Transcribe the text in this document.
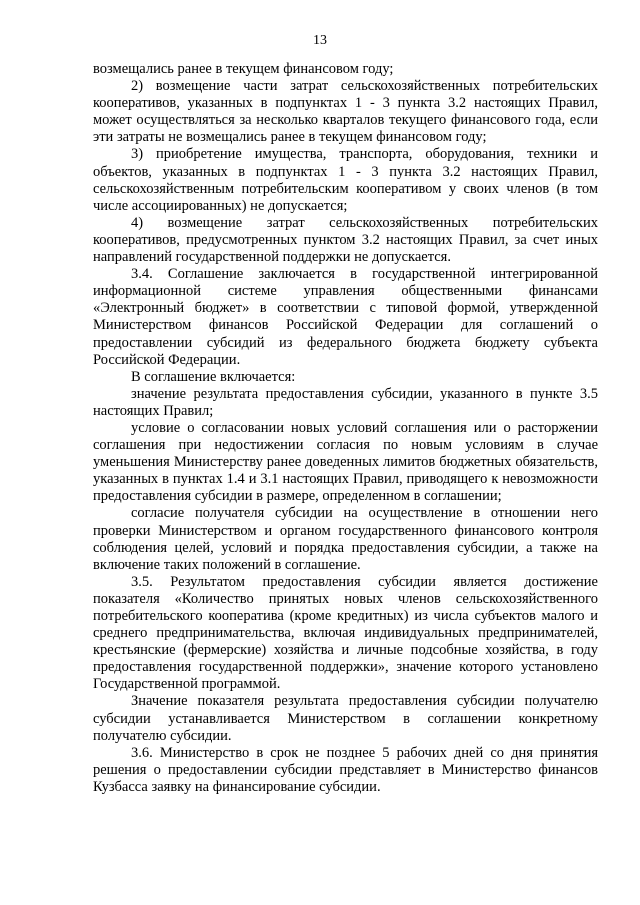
13

возмещались ранее в текущем финансовом году;

2) возмещение части затрат сельскохозяйственных потребительских кооперативов, указанных в подпунктах 1 - 3 пункта 3.2 настоящих Правил, может осуществляться за несколько кварталов текущего финансового года, если эти затраты не возмещались ранее в текущем финансовом году;

3) приобретение имущества, транспорта, оборудования, техники и объектов, указанных в подпунктах 1 - 3 пункта 3.2 настоящих Правил, сельскохозяйственным потребительским кооперативом у своих членов (в том числе ассоциированных) не допускается;

4) возмещение затрат сельскохозяйственных потребительских кооперативов, предусмотренных пунктом 3.2 настоящих Правил, за счет иных направлений государственной поддержки не допускается.

3.4. Соглашение заключается в государственной интегрированной информационной системе управления общественными финансами «Электронный бюджет» в соответствии с типовой формой, утвержденной Министерством финансов Российской Федерации для соглашений о предоставлении субсидий из федерального бюджета бюджету субъекта Российской Федерации.

В соглашение включается:

значение результата предоставления субсидии, указанного в пункте 3.5 настоящих Правил;

условие о согласовании новых условий соглашения или о расторжении соглашения при недостижении согласия по новым условиям в случае уменьшения Министерству ранее доведенных лимитов бюджетных обязательств, указанных в пунктах 1.4 и 3.1 настоящих Правил, приводящего к невозможности предоставления субсидии в размере, определенном в соглашении;

согласие получателя субсидии на осуществление в отношении него проверки Министерством и органом государственного финансового контроля соблюдения целей, условий и порядка предоставления субсидии, а также на включение таких положений в соглашение.

3.5. Результатом предоставления субсидии является достижение показателя «Количество принятых новых членов сельскохозяйственного потребительского кооператива (кроме кредитных) из числа субъектов малого и среднего предпринимательства, включая индивидуальных предпринимателей, крестьянские (фермерские) хозяйства и личные подсобные хозяйства, в году предоставления государственной поддержки», значение которого установлено Государственной программой.

Значение показателя результата предоставления субсидии получателю субсидии устанавливается Министерством в соглашении конкретному получателю субсидии.

3.6. Министерство в срок не позднее 5 рабочих дней со дня принятия решения о предоставлении субсидии представляет в Министерство финансов Кузбасса заявку на финансирование субсидии.
